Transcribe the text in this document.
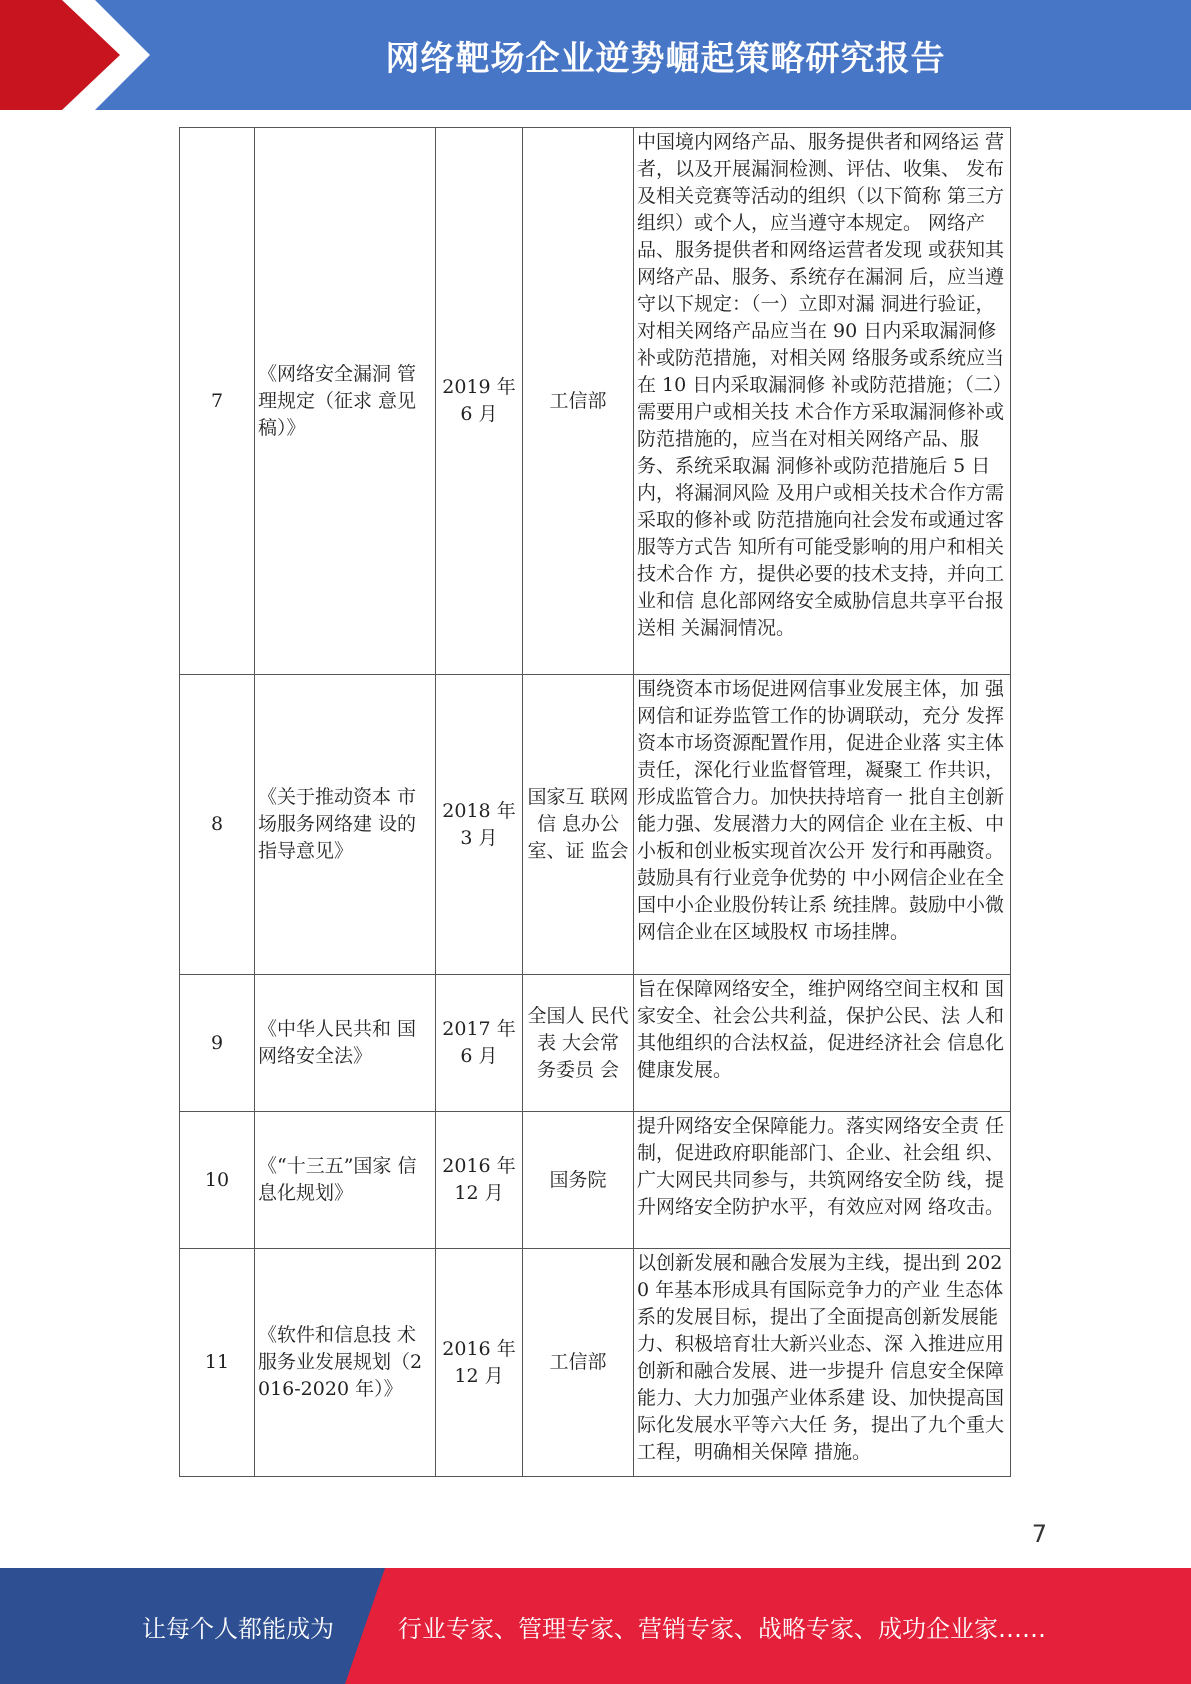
网络靶场企业逆势崛起策略研究报告
7	《网络安全漏洞 管理规定（征求 意见稿）》	2019 年 6 月	工信部	中国境内网络产品、服务提供者和网络运 营者，以及开展漏洞检测、评估、收集、 发布及相关竞赛等活动的组织（以下简称 第三方组织）或个人，应当遵守本规定。 网络产品、服务提供者和网络运营者发现 或获知其网络产品、服务、系统存在漏洞 后，应当遵守以下规定：（一）立即对漏 洞进行验证，对相关网络产品应当在 90 日内采取漏洞修补或防范措施，对相关网 络服务或系统应当在 10 日内采取漏洞修 补或防范措施；（二）需要用户或相关技 术合作方采取漏洞修补或防范措施的，应当在对相关网络产品、服务、系统采取漏 洞修补或防范措施后 5 日内，将漏洞风险 及用户或相关技术合作方需采取的修补或 防范措施向社会发布或通过客服等方式告 知所有可能受影响的用户和相关技术合作 方，提供必要的技术支持，并向工业和信 息化部网络安全威胁信息共享平台报送相 关漏洞情况。
8	《关于推动资本 市场服务网络建 设的指导意见》	2018 年 3 月	国家互 联网信 息办公 室、证 监会	围绕资本市场促进网信事业发展主体，加 强网信和证券监管工作的协调联动，充分 发挥资本市场资源配置作用，促进企业落 实主体责任，深化行业监督管理，凝聚工 作共识，形成监管合力。加快扶持培育一 批自主创新能力强、发展潜力大的网信企 业在主板、中小板和创业板实现首次公开 发行和再融资。鼓励具有行业竞争优势的 中小网信企业在全国中小企业股份转让系 统挂牌。鼓励中小微网信企业在区域股权 市场挂牌。
9	《中华人民共和 国网络安全法》	2017 年 6 月	全国人 民代表 大会常 务委员 会	旨在保障网络安全，维护网络空间主权和 国家安全、社会公共利益，保护公民、法 人和其他组织的合法权益，促进经济社会 信息化健康发展。
10	《“十三五”国家 信息化规划》	2016 年 12 月	国务院	提升网络安全保障能力。落实网络安全责 任制，促进政府职能部门、企业、社会组 织、广大网民共同参与，共筑网络安全防 线，提升网络安全防护水平，有效应对网 络攻击。
11	《软件和信息技 术服务业发展规划（2016-2020 年）》	2016 年 12 月	工信部	以创新发展和融合发展为主线，提出到 2020 年基本形成具有国际竞争力的产业 生态体系的发展目标，提出了全面提高创新发展能力、积极培育壮大新兴业态、深 入推进应用创新和融合发展、进一步提升 信息安全保障能力、大力加强产业体系建 设、加快提高国际化发展水平等六大任 务，提出了九个重大工程，明确相关保障 措施。
7
让每个人都能成为	行业专家、管理专家、营销专家、战略专家、成功企业家……
